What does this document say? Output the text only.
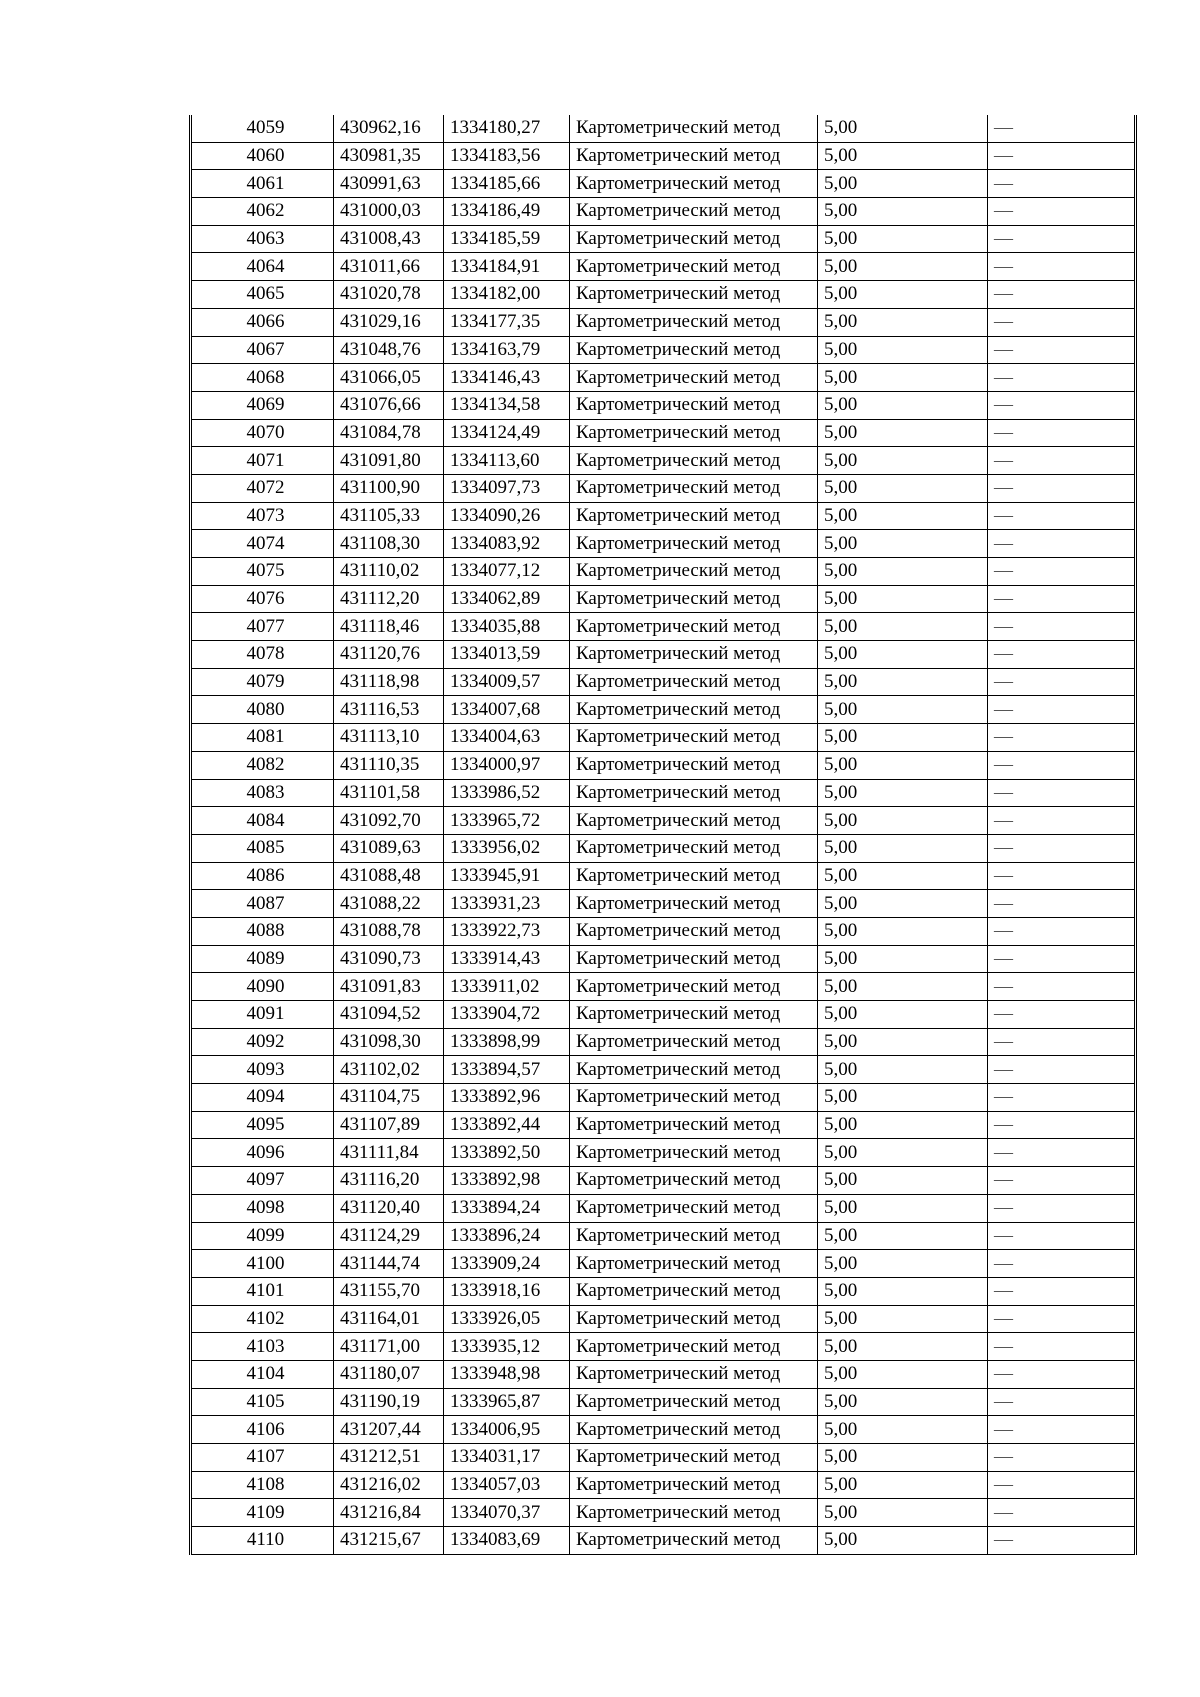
4059	430962,16	1334180,27	Картометрический метод	5,00	—
4060	430981,35	1334183,56	Картометрический метод	5,00	—
4061	430991,63	1334185,66	Картометрический метод	5,00	—
4062	431000,03	1334186,49	Картометрический метод	5,00	—
4063	431008,43	1334185,59	Картометрический метод	5,00	—
4064	431011,66	1334184,91	Картометрический метод	5,00	—
4065	431020,78	1334182,00	Картометрический метод	5,00	—
4066	431029,16	1334177,35	Картометрический метод	5,00	—
4067	431048,76	1334163,79	Картометрический метод	5,00	—
4068	431066,05	1334146,43	Картометрический метод	5,00	—
4069	431076,66	1334134,58	Картометрический метод	5,00	—
4070	431084,78	1334124,49	Картометрический метод	5,00	—
4071	431091,80	1334113,60	Картометрический метод	5,00	—
4072	431100,90	1334097,73	Картометрический метод	5,00	—
4073	431105,33	1334090,26	Картометрический метод	5,00	—
4074	431108,30	1334083,92	Картометрический метод	5,00	—
4075	431110,02	1334077,12	Картометрический метод	5,00	—
4076	431112,20	1334062,89	Картометрический метод	5,00	—
4077	431118,46	1334035,88	Картометрический метод	5,00	—
4078	431120,76	1334013,59	Картометрический метод	5,00	—
4079	431118,98	1334009,57	Картометрический метод	5,00	—
4080	431116,53	1334007,68	Картометрический метод	5,00	—
4081	431113,10	1334004,63	Картометрический метод	5,00	—
4082	431110,35	1334000,97	Картометрический метод	5,00	—
4083	431101,58	1333986,52	Картометрический метод	5,00	—
4084	431092,70	1333965,72	Картометрический метод	5,00	—
4085	431089,63	1333956,02	Картометрический метод	5,00	—
4086	431088,48	1333945,91	Картометрический метод	5,00	—
4087	431088,22	1333931,23	Картометрический метод	5,00	—
4088	431088,78	1333922,73	Картометрический метод	5,00	—
4089	431090,73	1333914,43	Картометрический метод	5,00	—
4090	431091,83	1333911,02	Картометрический метод	5,00	—
4091	431094,52	1333904,72	Картометрический метод	5,00	—
4092	431098,30	1333898,99	Картометрический метод	5,00	—
4093	431102,02	1333894,57	Картометрический метод	5,00	—
4094	431104,75	1333892,96	Картометрический метод	5,00	—
4095	431107,89	1333892,44	Картометрический метод	5,00	—
4096	431111,84	1333892,50	Картометрический метод	5,00	—
4097	431116,20	1333892,98	Картометрический метод	5,00	—
4098	431120,40	1333894,24	Картометрический метод	5,00	—
4099	431124,29	1333896,24	Картометрический метод	5,00	—
4100	431144,74	1333909,24	Картометрический метод	5,00	—
4101	431155,70	1333918,16	Картометрический метод	5,00	—
4102	431164,01	1333926,05	Картометрический метод	5,00	—
4103	431171,00	1333935,12	Картометрический метод	5,00	—
4104	431180,07	1333948,98	Картометрический метод	5,00	—
4105	431190,19	1333965,87	Картометрический метод	5,00	—
4106	431207,44	1334006,95	Картометрический метод	5,00	—
4107	431212,51	1334031,17	Картометрический метод	5,00	—
4108	431216,02	1334057,03	Картометрический метод	5,00	—
4109	431216,84	1334070,37	Картометрический метод	5,00	—
4110	431215,67	1334083,69	Картометрический метод	5,00	—
